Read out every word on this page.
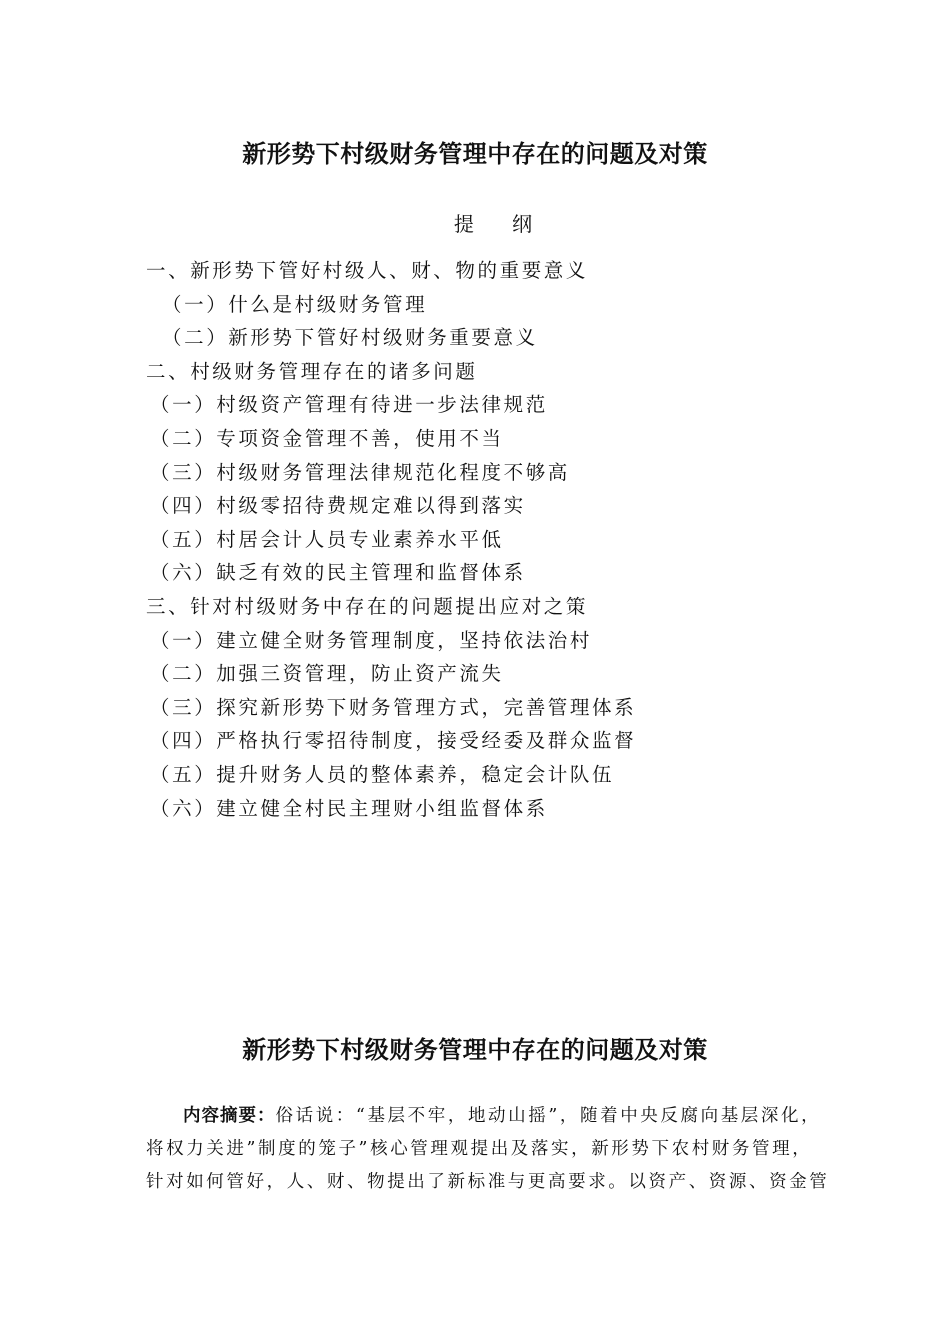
新形势下村级财务管理中存在的问题及对策
提 纲
一、新形势下管好村级人、财、物的重要意义
（一）什么是村级财务管理
（二）新形势下管好村级财务重要意义
二、村级财务管理存在的诸多问题
（一）村级资产管理有待进一步法律规范
（二）专项资金管理不善，使用不当
（三）村级财务管理法律规范化程度不够高
（四）村级零招待费规定难以得到落实
（五）村居会计人员专业素养水平低
（六）缺乏有效的民主管理和监督体系
三、针对村级财务中存在的问题提出应对之策
（一）建立健全财务管理制度，坚持依法治村
（二）加强三资管理，防止资产流失
（三）探究新形势下财务管理方式，完善管理体系
（四）严格执行零招待制度，接受经委及群众监督
（五）提升财务人员的整体素养，稳定会计队伍
（六）建立健全村民主理财小组监督体系
新形势下村级财务管理中存在的问题及对策
内容摘要：俗话说：“基层不牢，地动山摇”，随着中央反腐向基层深化，
将权力关进”制度的笼子”核心管理观提出及落实，新形势下农村财务管理，
针对如何管好，人、财、物提出了新标准与更高要求。以资产、资源、资金管
